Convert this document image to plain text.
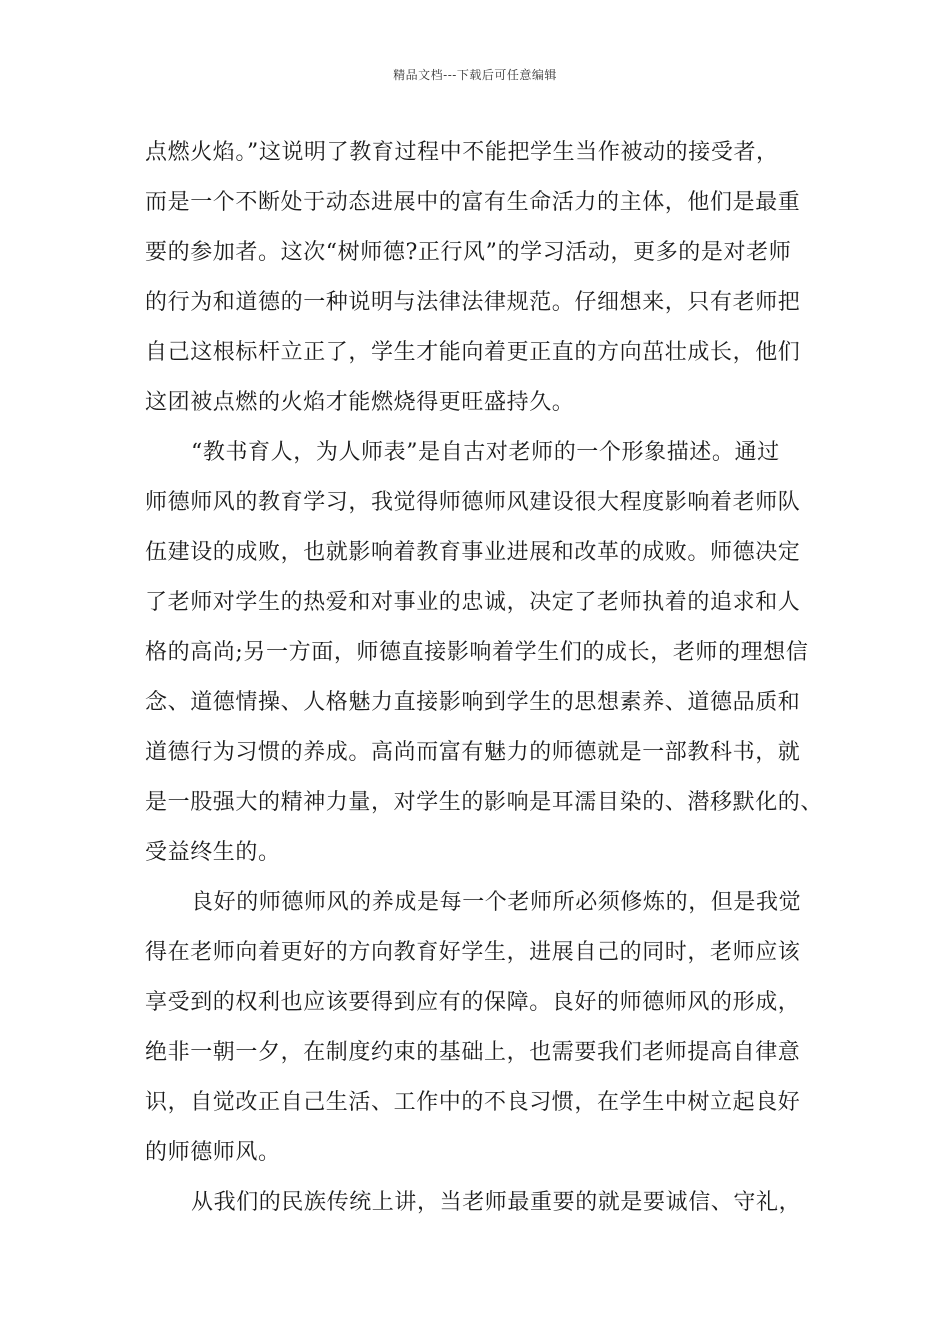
精品文档---下载后可任意编辑
点燃火焰。”这说明了教育过程中不能把学生当作被动的接受者，
而是一个不断处于动态进展中的富有生命活力的主体，他们是最重
要的参加者。这次“树师德?正行风”的学习活动，更多的是对老师
的行为和道德的一种说明与法律法律规范。仔细想来，只有老师把
自己这根标杆立正了，学生才能向着更正直的方向茁壮成长，他们
这团被点燃的火焰才能燃烧得更旺盛持久。
“教书育人，为人师表”是自古对老师的一个形象描述。通过
师德师风的教育学习，我觉得师德师风建设很大程度影响着老师队
伍建设的成败，也就影响着教育事业进展和改革的成败。师德决定
了老师对学生的热爱和对事业的忠诚，决定了老师执着的追求和人
格的高尚;另一方面，师德直接影响着学生们的成长，老师的理想信
念、道德情操、人格魅力直接影响到学生的思想素养、道德品质和
道德行为习惯的养成。高尚而富有魅力的师德就是一部教科书，就
是一股强大的精神力量，对学生的影响是耳濡目染的、潜移默化的、
受益终生的。
良好的师德师风的养成是每一个老师所必须修炼的，但是我觉
得在老师向着更好的方向教育好学生，进展自己的同时，老师应该
享受到的权利也应该要得到应有的保障。良好的师德师风的形成，
绝非一朝一夕，在制度约束的基础上，也需要我们老师提高自律意
识，自觉改正自己生活、工作中的不良习惯，在学生中树立起良好
的师德师风。
从我们的民族传统上讲，当老师最重要的就是要诚信、守礼，
